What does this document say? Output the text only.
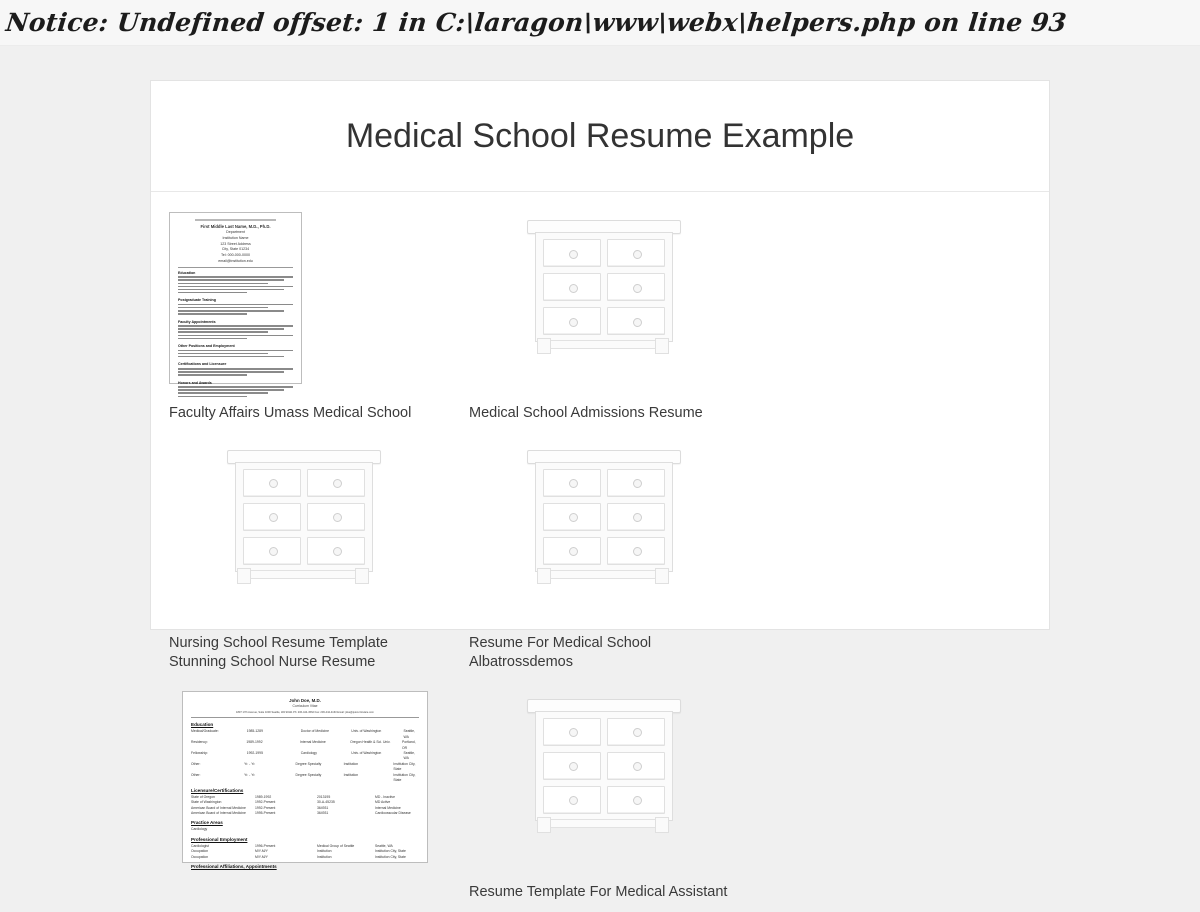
Notice: Undefined offset: 1 in C:\laragon\www\webx\helpers.php on line 93
Medical School Resume Example
First Middle Last Name, M.D., Ph.D.
Department
Institution Name
123 Street Address
City, State 01234
Tel: 000-000-0000
email@institution.edu
Education
Postgraduate Training
Faculty Appointments
Other Positions and Employment
Certifications and Licensure
Honors and Awards
Faculty Affairs Umass Medical School	Medical School Admissions Resume
Nursing School Resume Template Stunning School Nurse Resume
Resume For Medical School Albatrossdemos
John Doe, M.D.
Curriculum Vitae
1807 17th Avenue, Suite 1000 Seattle, WA 90111 Ph: 206-444-4562 Fax: 206-444-4163 Email: jdoe@quicurriculare.com
Education
Medical/Graduate:	1985-1289	Doctor of Medicine	Univ. of Washington	Seattle, WA
Residency:	1989-1992	Internal Medicine	Oregon Health & Sci. Univ.	Portland, OR
Fellowship:	1992-1995	Cardiology	Univ. of Washington	Seattle, WA
Other:	Yr. - Yr.	Degree Specialty	Institution	Institution City, State
Other:	Yr. - Yr.	Degree Specialty	Institution	Institution City, State
Licensure/Certifications
State of Oregon	1989-1992	2013195	MD - Inactive
State of Washington	1992-Present	30-A-45235	MD Active
American Board of Internal Medicine	1992-Present	364931	Internal Medicine
American Board of Internal Medicine	1995-Present	364931	Cardiovascular Disease
Practice Areas
Cardiology
Professional Employment
Cardiologist	1996-Present	Medical Group of Seattle	Seattle, WA
Occupation	M/Y-M/Y	Institution	Institution City, State
Occupation	M/Y-M/Y	Institution	Institution City, State
Professional Affiliations, Appointments
Resume Template For Medical Assistant
